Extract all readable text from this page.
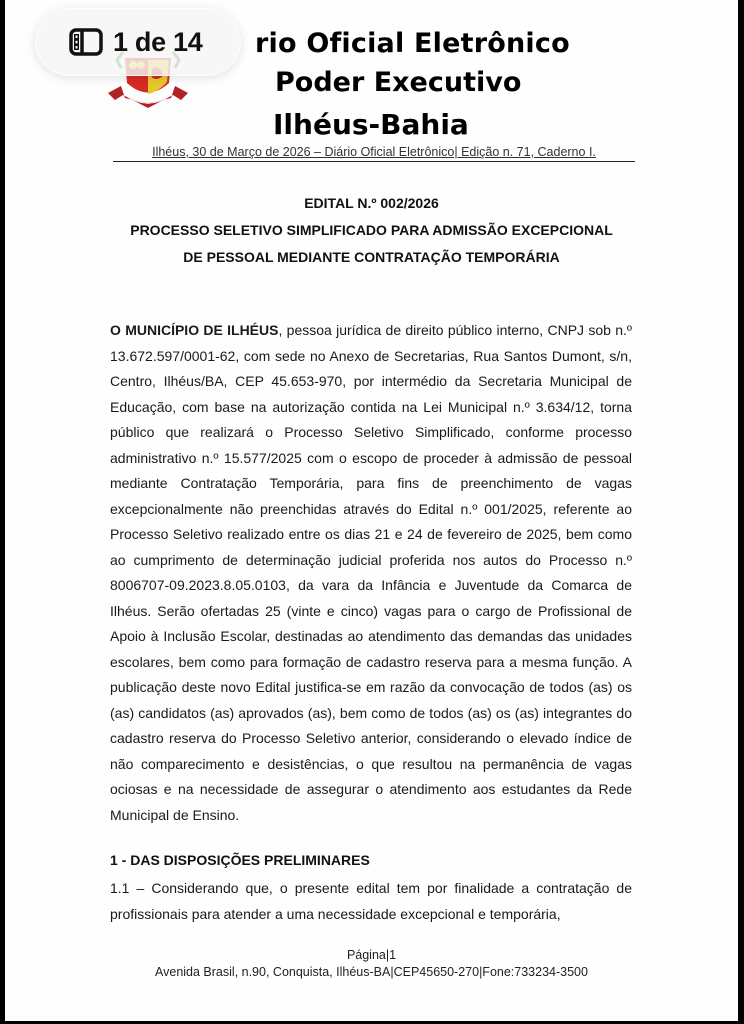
rio Oficial Eletrônico
Poder Executivo
Ilhéus-Bahia
Ilhéus, 30 de Março de 2026 – Diário Oficial Eletrônico| Edição n. 71, Caderno I.
EDITAL N.º 002/2026
PROCESSO SELETIVO SIMPLIFICADO PARA ADMISSÃO EXCEPCIONAL
DE PESSOAL MEDIANTE CONTRATAÇÃO TEMPORÁRIA
O MUNICÍPIO DE ILHÉUS, pessoa jurídica de direito público interno, CNPJ sob n.º 13.672.597/0001-62, com sede no Anexo de Secretarias, Rua Santos Dumont, s/n, Centro, Ilhéus/BA, CEP 45.653-970, por intermédio da Secretaria Municipal de Educação, com base na autorização contida na Lei Municipal n.º 3.634/12, torna público que realizará o Processo Seletivo Simplificado, conforme processo administrativo n.º 15.577/2025 com o escopo de proceder à admissão de pessoal mediante Contratação Temporária, para fins de preenchimento de vagas excepcionalmente não preenchidas através do Edital n.º 001/2025, referente ao Processo Seletivo realizado entre os dias 21 e 24 de fevereiro de 2025, bem como ao cumprimento de determinação judicial proferida nos autos do Processo n.º 8006707-09.2023.8.05.0103, da vara da Infância e Juventude da Comarca de Ilhéus. Serão ofertadas 25 (vinte e cinco) vagas para o cargo de Profissional de Apoio à Inclusão Escolar, destinadas ao atendimento das demandas das unidades escolares, bem como para formação de cadastro reserva para a mesma função. A publicação deste novo Edital justifica-se em razão da convocação de todos (as) os (as) candidatos (as) aprovados (as), bem como de todos (as) os (as) integrantes do cadastro reserva do Processo Seletivo anterior, considerando o elevado índice de não comparecimento e desistências, o que resultou na permanência de vagas ociosas e na necessidade de assegurar o atendimento aos estudantes da Rede Municipal de Ensino.
1 - DAS DISPOSIÇÕES PRELIMINARES
1.1 – Considerando que, o presente edital tem por finalidade a contratação de profissionais para atender a uma necessidade excepcional e temporária,
Página|1
Avenida Brasil, n.90, Conquista, Ilhéus-BA|CEP45650-270|Fone:733234-3500
1 de 14
